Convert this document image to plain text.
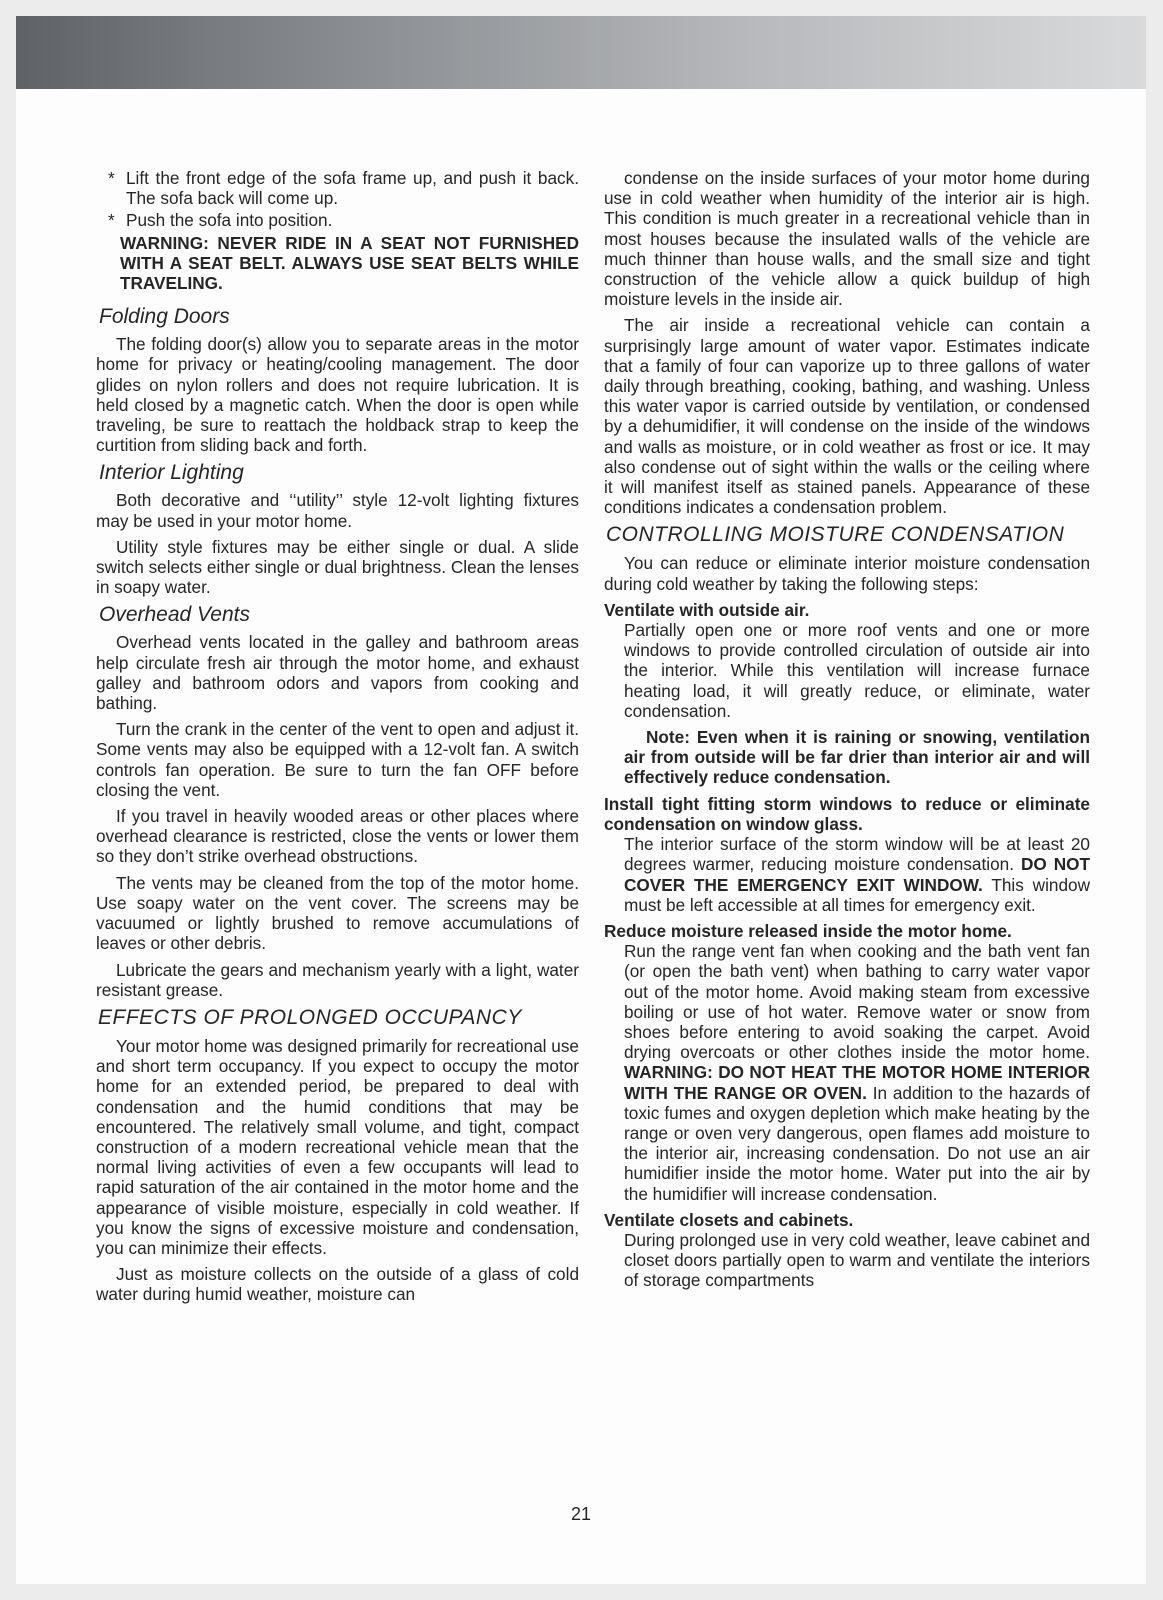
* Lift the front edge of the sofa frame up, and push it back. The sofa back will come up.
* Push the sofa into position.

WARNING: NEVER RIDE IN A SEAT NOT FURNISHED WITH A SEAT BELT. ALWAYS USE SEAT BELTS WHILE TRAVELING.

Folding Doors

The folding door(s) allow you to separate areas in the motor home for privacy or heating/cooling management. The door glides on nylon rollers and does not require lubrication. It is held closed by a magnetic catch. When the door is open while traveling, be sure to reattach the holdback strap to keep the curtition from sliding back and forth.

Interior Lighting

Both decorative and ‘‘utility’’ style 12-volt lighting fixtures may be used in your motor home.

Utility style fixtures may be either single or dual. A slide switch selects either single or dual brightness. Clean the lenses in soapy water.

Overhead Vents

Overhead vents located in the galley and bathroom areas help circulate fresh air through the motor home, and exhaust galley and bathroom odors and vapors from cooking and bathing.

Turn the crank in the center of the vent to open and adjust it. Some vents may also be equipped with a 12-volt fan. A switch controls fan operation. Be sure to turn the fan OFF before closing the vent.

If you travel in heavily wooded areas or other places where overhead clearance is restricted, close the vents or lower them so they don’t strike overhead obstructions.

The vents may be cleaned from the top of the motor home. Use soapy water on the vent cover. The screens may be vacuumed or lightly brushed to remove accumulations of leaves or other debris.

Lubricate the gears and mechanism yearly with a light, water resistant grease.

EFFECTS OF PROLONGED OCCUPANCY

Your motor home was designed primarily for recreational use and short term occupancy. If you expect to occupy the motor home for an extended period, be prepared to deal with condensation and the humid conditions that may be encountered. The relatively small volume, and tight, compact construction of a modern recreational vehicle mean that the normal living activities of even a few occupants will lead to rapid saturation of the air contained in the motor home and the appearance of visible moisture, especially in cold weather. If you know the signs of excessive moisture and condensation, you can minimize their effects.

Just as moisture collects on the outside of a glass of cold water during humid weather, moisture can

condense on the inside surfaces of your motor home during use in cold weather when humidity of the interior air is high. This condition is much greater in a recreational vehicle than in most houses because the insulated walls of the vehicle are much thinner than house walls, and the small size and tight construction of the vehicle allow a quick buildup of high moisture levels in the inside air.

The air inside a recreational vehicle can contain a surprisingly large amount of water vapor. Estimates indicate that a family of four can vaporize up to three gallons of water daily through breathing, cooking, bathing, and washing. Unless this water vapor is carried outside by ventilation, or condensed by a dehumidifier, it will condense on the inside of the windows and walls as moisture, or in cold weather as frost or ice. It may also condense out of sight within the walls or the ceiling where it will manifest itself as stained panels. Appearance of these conditions indicates a condensation problem.

CONTROLLING MOISTURE CONDENSATION

You can reduce or eliminate interior moisture condensation during cold weather by taking the following steps:

Ventilate with outside air.

Partially open one or more roof vents and one or more windows to provide controlled circulation of outside air into the interior. While this ventilation will increase furnace heating load, it will greatly reduce, or eliminate, water condensation.

Note: Even when it is raining or snowing, ventilation air from outside will be far drier than interior air and will effectively reduce condensation.

Install tight fitting storm windows to reduce or eliminate condensation on window glass.

The interior surface of the storm window will be at least 20 degrees warmer, reducing moisture condensation. DO NOT COVER THE EMERGENCY EXIT WINDOW. This window must be left accessible at all times for emergency exit.

Reduce moisture released inside the motor home.

Run the range vent fan when cooking and the bath vent fan (or open the bath vent) when bathing to carry water vapor out of the motor home. Avoid making steam from excessive boiling or use of hot water. Remove water or snow from shoes before entering to avoid soaking the carpet. Avoid drying overcoats or other clothes inside the motor home. WARNING: DO NOT HEAT THE MOTOR HOME INTERIOR WITH THE RANGE OR OVEN. In addition to the hazards of toxic fumes and oxygen depletion which make heating by the range or oven very dangerous, open flames add moisture to the interior air, increasing condensation. Do not use an air humidifier inside the motor home. Water put into the air by the humidifier will increase condensation.

Ventilate closets and cabinets.

During prolonged use in very cold weather, leave cabinet and closet doors partially open to warm and ventilate the interiors of storage compartments

21
